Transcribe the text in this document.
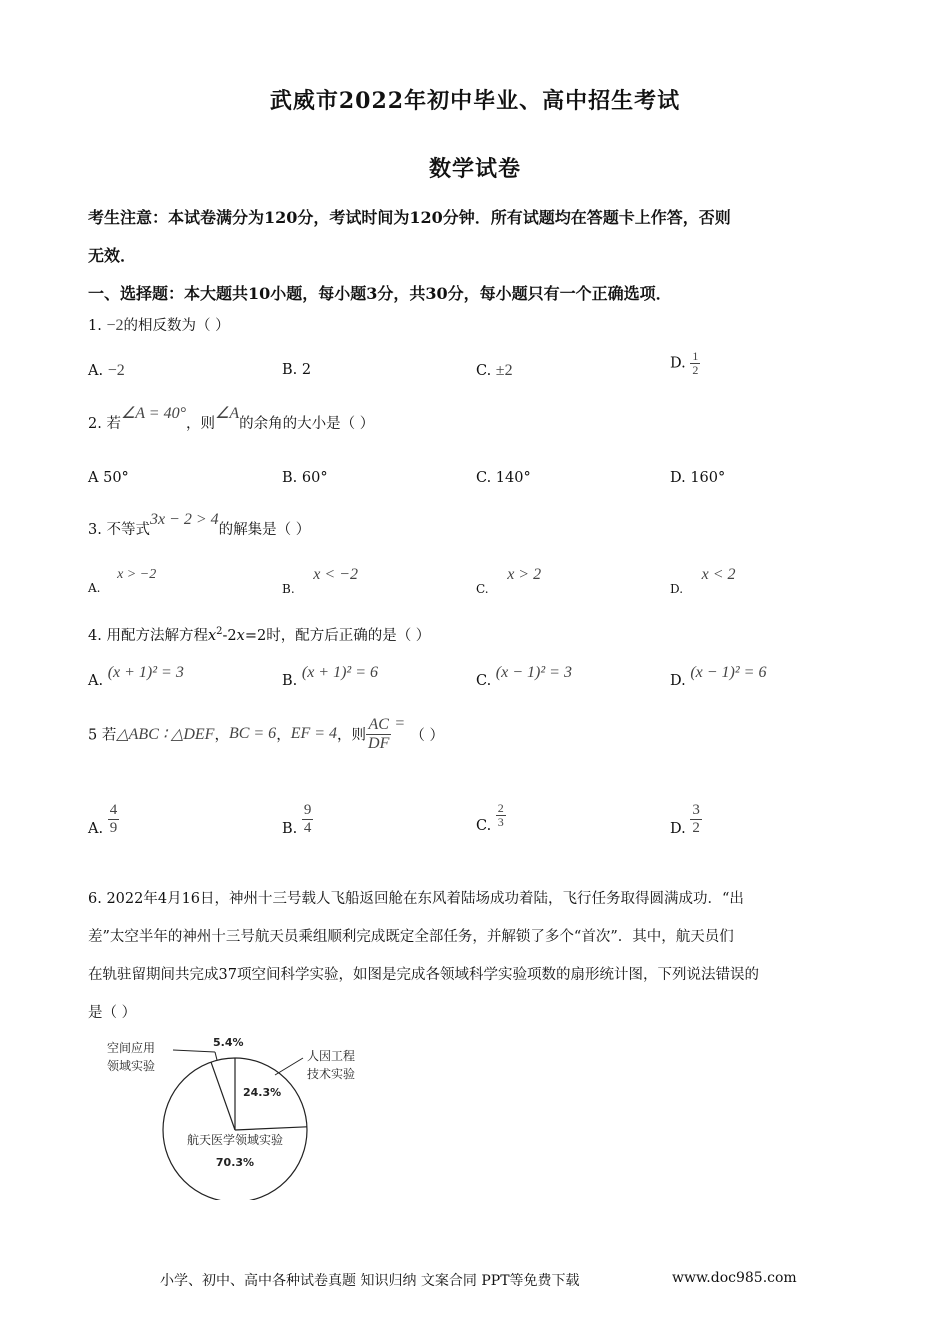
武威市2022年初中毕业、高中招生考试
数学试卷
考生注意：本试卷满分为120分，考试时间为120分钟．所有试题均在答题卡上作答，否则
无效．
一、选择题：本大题共10小题，每小题3分，共30分，每小题只有一个正确选项．
1. −2的相反数为（ ）
A. −2	B. 2	C. ±2	D. $\frac{1}{2}$
2. 若∠A = 40°，则∠A的余角的大小是（ ）
A 50°	B. 60°	C. 140°	D. 160°
3. 不等式3x − 2 > 4的解集是（ ）
$_{A.}$ x > −2
$_{B.}$ x < −2
$_{C.}$ x > 2
$_{D.}$ x < 2
4. 用配方法解方程$x^2-2x=2$时，配方后正确的是（ ）
A. (x + 1)² = 3	B. (x + 1)² = 6	C. (x − 1)² = 3	D. (x − 1)² = 6
5 若△ABC ∶ △DEF，BC = 6，EF = 4，则 $\frac{AC}{DF}$ =（ ）
A. $\frac{4}{9}$	B. $\frac{9}{4}$	C. $\frac{2}{3}$	D. $\frac{3}{2}$
6. 2022年4月16日，神州十三号载人飞船返回舱在东风着陆场成功着陆，飞行任务取得圆满成功．“出
差”太空半年的神州十三号航天员乘组顺利完成既定全部任务，并解锁了多个“首次”．其中，航天员们
在轨驻留期间共完成37项空间科学实验，如图是完成各领域科学实验项数的扇形统计图，下列说法错误的
是（ ）
空间应用
领域实验
5.4%
人因工程
技术实验
24.3%
航天医学领域实验
70.3%
小学、初中、高中各种试卷真题 知识归纳 文案合同 PPT等免费下载	www.doc985.com
